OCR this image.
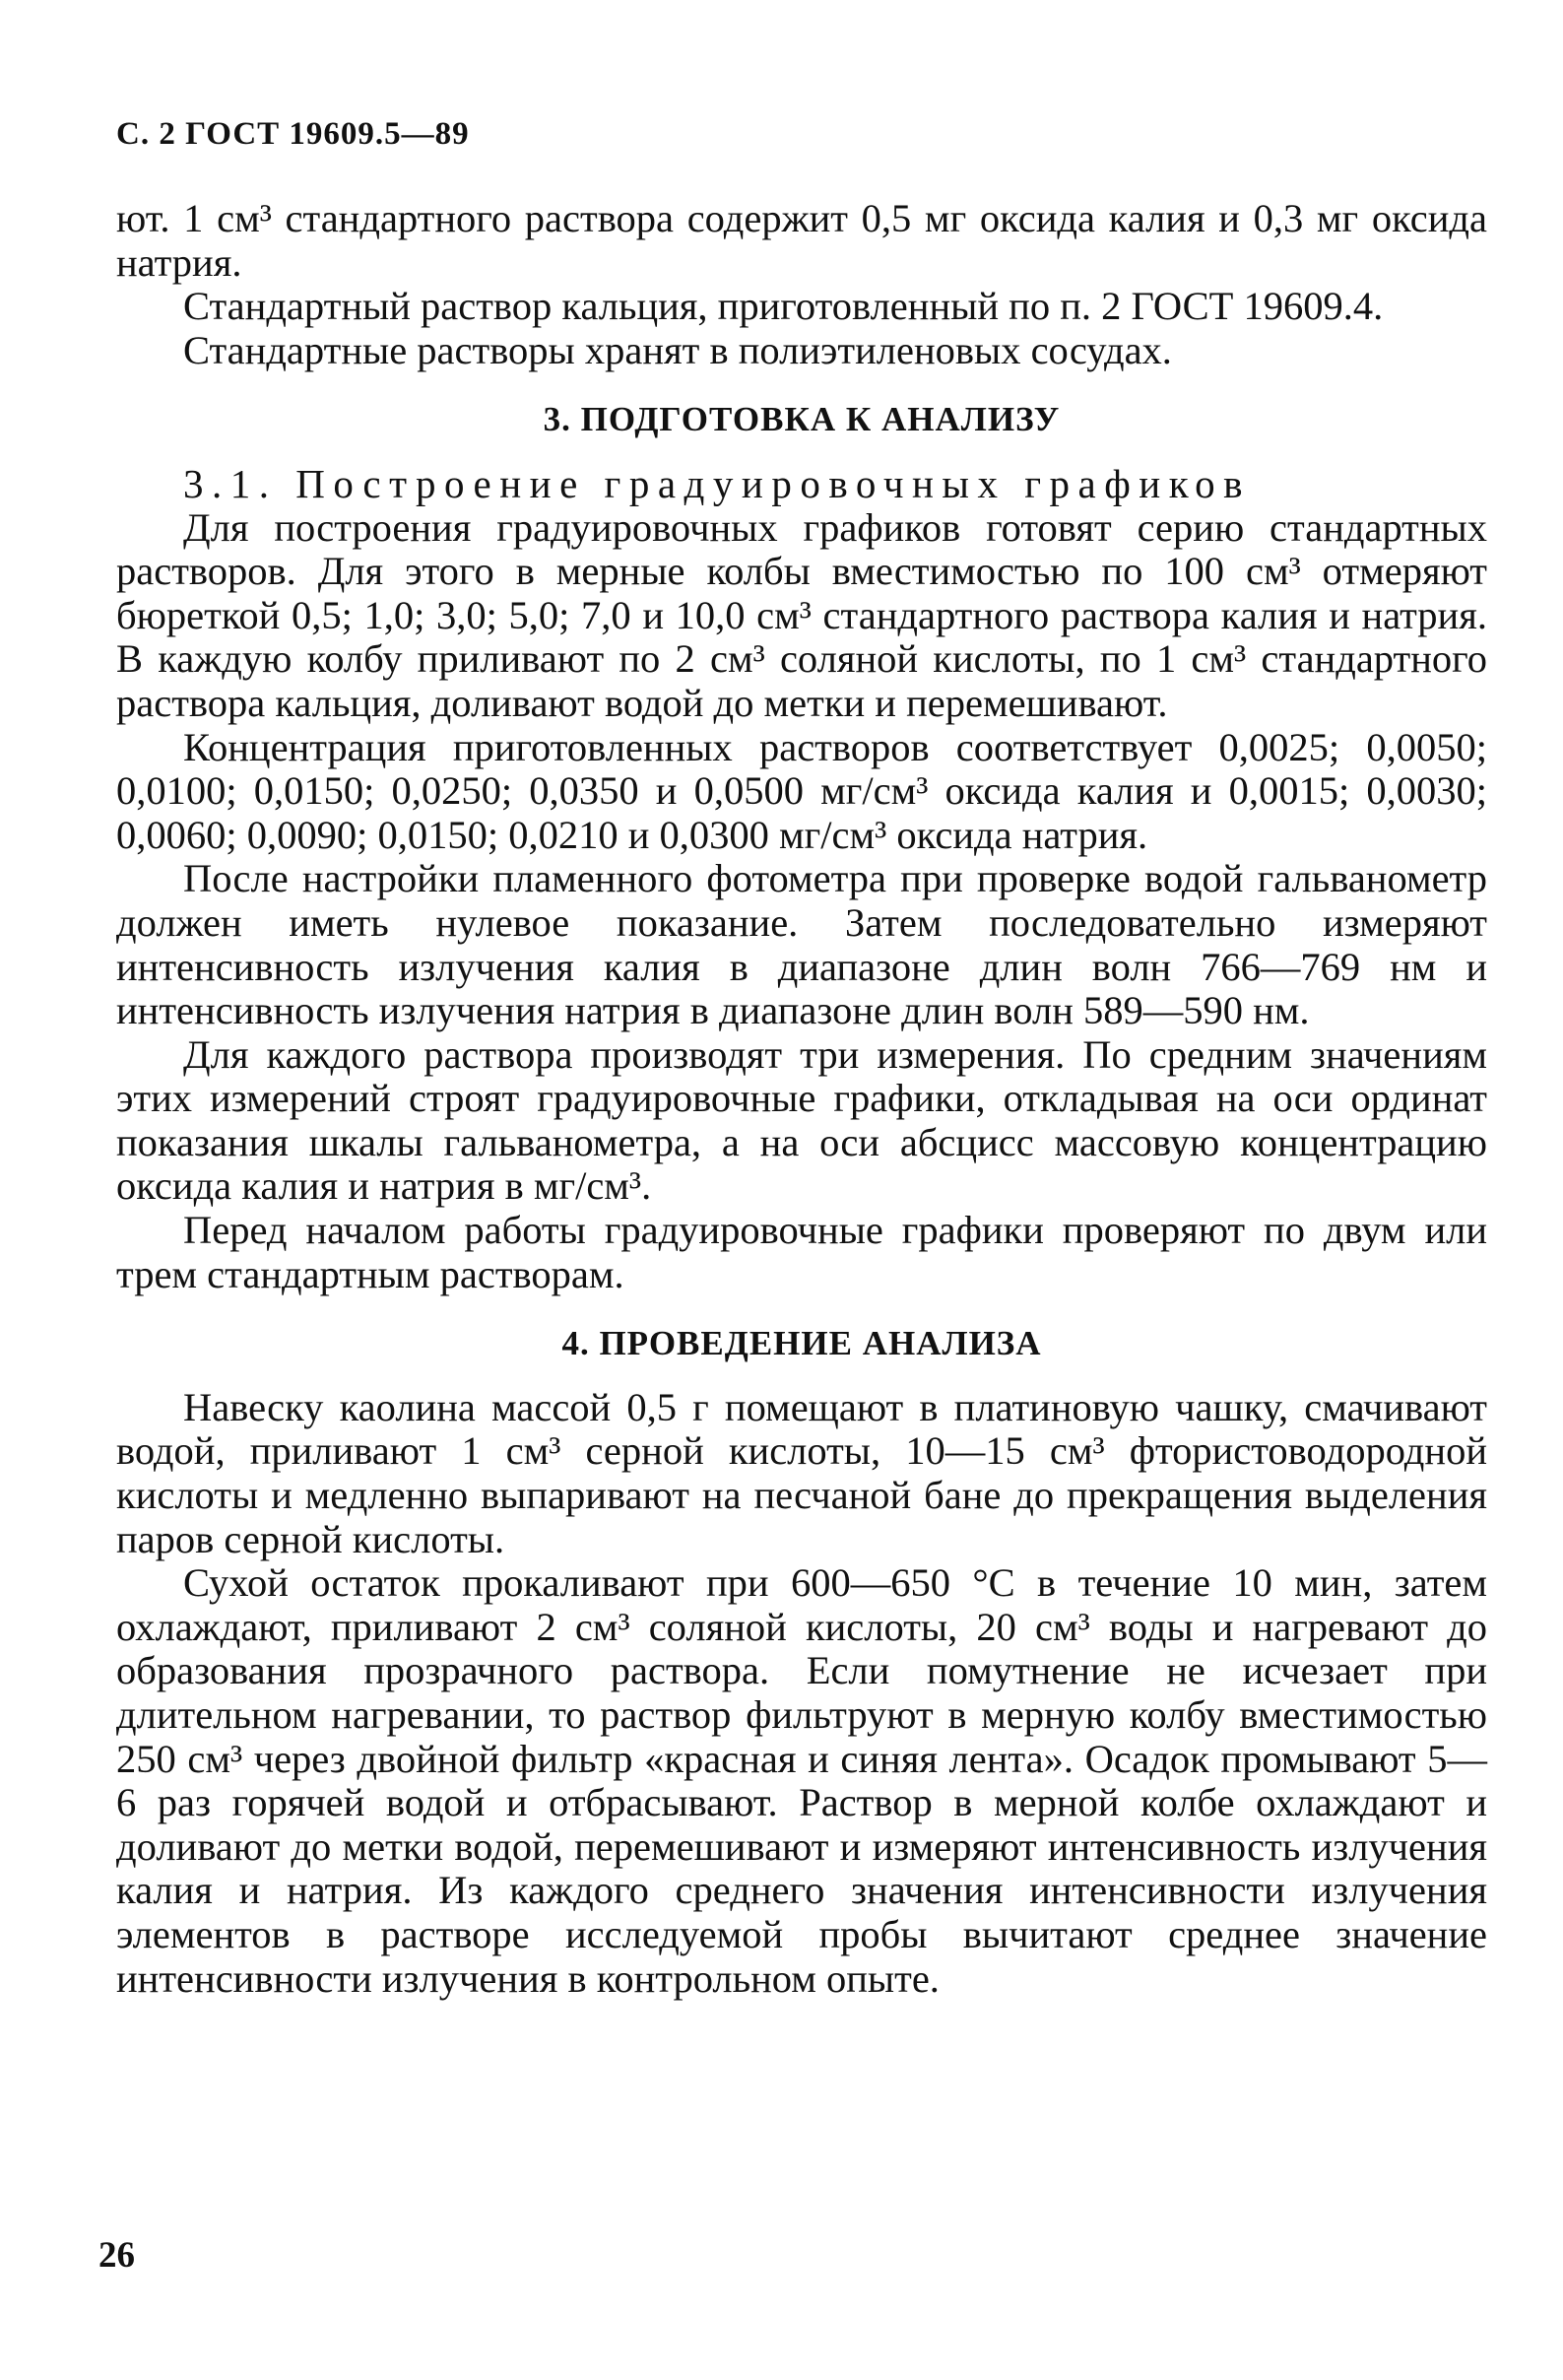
С. 2 ГОСТ 19609.5—89

ют. 1 см³ стандартного раствора содержит 0,5 мг оксида калия и 0,3 мг оксида натрия.

Стандартный раствор кальция, приготовленный по п. 2 ГОСТ 19609.4.

Стандартные растворы хранят в полиэтиленовых сосудах.

3. ПОДГОТОВКА К АНАЛИЗУ
3.1. Построение градуировочных графиков

Для построения градуировочных графиков готовят серию стандартных растворов. Для этого в мерные колбы вместимостью по 100 см³ отмеряют бюреткой 0,5; 1,0; 3,0; 5,0; 7,0 и 10,0 см³ стандартного раствора калия и натрия. В каждую колбу приливают по 2 см³ соляной кислоты, по 1 см³ стандартного раствора кальция, доливают водой до метки и перемешивают.

Концентрация приготовленных растворов соответствует 0,0025; 0,0050; 0,0100; 0,0150; 0,0250; 0,0350 и 0,0500 мг/см³ оксида калия и 0,0015; 0,0030; 0,0060; 0,0090; 0,0150; 0,0210 и 0,0300 мг/см³ оксида натрия.

После настройки пламенного фотометра при проверке водой гальванометр должен иметь нулевое показание. Затем последовательно измеряют интенсивность излучения калия в диапазоне длин волн 766—769 нм и интенсивность излучения натрия в диапазоне длин волн 589—590 нм.

Для каждого раствора производят три измерения. По средним значениям этих измерений строят градуировочные графики, откладывая на оси ординат показания шкалы гальванометра, а на оси абсцисс массовую концентрацию оксида калия и натрия в мг/см³.

Перед началом работы градуировочные графики проверяют по двум или трем стандартным растворам.

4. ПРОВЕДЕНИЕ АНАЛИЗА

Навеску каолина массой 0,5 г помещают в платиновую чашку, смачивают водой, приливают 1 см³ серной кислоты, 10—15 см³ фтористоводородной кислоты и медленно выпаривают на песчаной бане до прекращения выделения паров серной кислоты.

Сухой остаток прокаливают при 600—650 °С в течение 10 мин, затем охлаждают, приливают 2 см³ соляной кислоты, 20 см³ воды и нагревают до образования прозрачного раствора. Если помутнение не исчезает при длительном нагревании, то раствор фильтруют в мерную колбу вместимостью 250 см³ через двойной фильтр «красная и синяя лента». Осадок промывают 5—6 раз горячей водой и отбрасывают. Раствор в мерной колбе охлаждают и доливают до метки водой, перемешивают и измеряют интенсивность излучения калия и натрия. Из каждого среднего значения интенсивности излучения элементов в растворе исследуемой пробы вычитают среднее значение интенсивности излучения в контрольном опыте.

26
